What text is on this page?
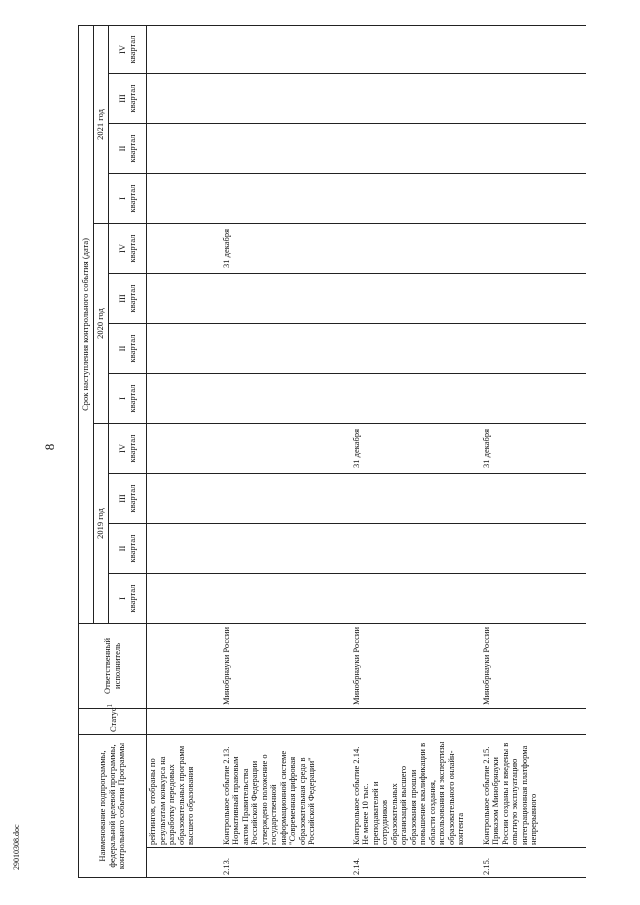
8
29010308.doc	Наименование подпрограммы, федеральной целевой программы, контрольного события Программы		Статус$^1$	Ответственный исполнитель	Срок наступления контрольного события (дата)											
				2019 год				2020 год				2021 год			

				I квартал	II квартал	III квартал	IV квартал	I квартал	II квартал	III квартал	IV квартал	I квартал	II квартал	III квартал	IV квартал

	рейтингов, отобраны по результатам конкурса на разработку передовых образовательных программ высшего образования			

2.13.	Контрольное событие 2.13. Нормативный правовым актом Правительства Российской Федерации утверждено положение о государственной информационной системе "Современная цифровая образовательная среда в Российской Федерации"		Минобрнауки России								31 декабря				

2.14.	Контрольное событие 2.14. Не менее 10 тыс. преподавателей и сотрудников образовательных организаций высшего образования прошли повышение квалификации в области создания, использования и экспертизы образовательного онлайн-контента		Минобрнауки России				31 декабря								

2.15.	Контрольное событие 2.15. Приказом Минобрнауки России созданы и введены в опытную эксплуатацию интеграционная платформа непрерывного		Минобрнауки России				31 декабря								
